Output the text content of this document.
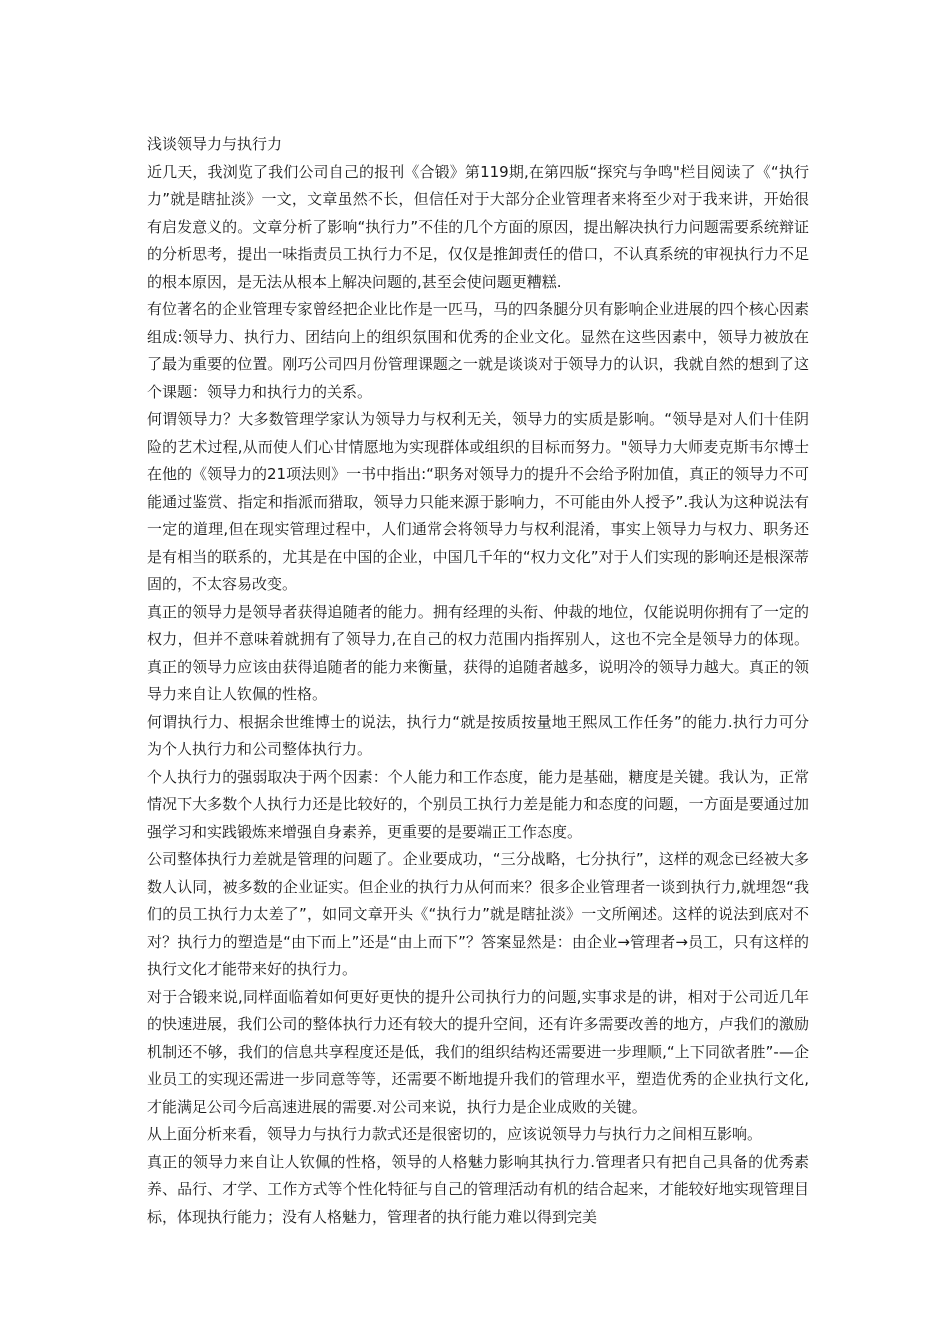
浅谈领导力与执行力

近几天，我浏览了我们公司自己的报刊《合锻》第119期,在第四版“探究与争鸣"栏目阅读了《“执行力”就是瞎扯淡》一文，文章虽然不长，但信任对于大部分企业管理者来将至少对于我来讲，开始很有启发意义的。文章分析了影响“执行力”不佳的几个方面的原因，提出解决执行力问题需要系统辩证的分析思考，提出一味指责员工执行力不足，仅仅是推卸责任的借口，不认真系统的审视执行力不足的根本原因，是无法从根本上解决问题的,甚至会使问题更糟糕.

有位著名的企业管理专家曾经把企业比作是一匹马，马的四条腿分贝有影响企业进展的四个核心因素组成:领导力、执行力、团结向上的组织氛围和优秀的企业文化。显然在这些因素中，领导力被放在了最为重要的位置。刚巧公司四月份管理课题之一就是谈谈对于领导力的认识，我就自然的想到了这个课题：领导力和执行力的关系。

何谓领导力？大多数管理学家认为领导力与权利无关，领导力的实质是影响。“领导是对人们十佳阴险的艺术过程,从而使人们心甘情愿地为实现群体或组织的目标而努力。"领导力大师麦克斯韦尔博士在他的《领导力的21项法则》一书中指出:“职务对领导力的提升不会给予附加值，真正的领导力不可能通过鉴赏、指定和指派而猎取，领导力只能来源于影响力，不可能由外人授予”.我认为这种说法有一定的道理,但在现实管理过程中，人们通常会将领导力与权利混淆，事实上领导力与权力、职务还是有相当的联系的，尤其是在中国的企业，中国几千年的“权力文化”对于人们实现的影响还是根深蒂固的，不太容易改变。

真正的领导力是领导者获得追随者的能力。拥有经理的头衔、仲裁的地位，仅能说明你拥有了一定的权力，但并不意味着就拥有了领导力,在自己的权力范围内指挥别人，这也不完全是领导力的体现。真正的领导力应该由获得追随者的能力来衡量，获得的追随者越多，说明冷的领导力越大。真正的领导力来自让人钦佩的性格。

何谓执行力、根据余世维博士的说法，执行力“就是按质按量地王熙凤工作任务”的能力.执行力可分为个人执行力和公司整体执行力。

个人执行力的强弱取决于两个因素：个人能力和工作态度，能力是基础，糖度是关键。我认为，正常情况下大多数个人执行力还是比较好的，个别员工执行力差是能力和态度的问题，一方面是要通过加强学习和实践锻炼来增强自身素养，更重要的是要端正工作态度。

公司整体执行力差就是管理的问题了。企业要成功，“三分战略，七分执行”，这样的观念已经被大多数人认同，被多数的企业证实。但企业的执行力从何而来？很多企业管理者一谈到执行力,就埋怨“我们的员工执行力太差了”，如同文章开头《“执行力”就是瞎扯淡》一文所阐述。这样的说法到底对不对？执行力的塑造是“由下而上”还是“由上而下”？答案显然是：由企业→管理者→员工，只有这样的执行文化才能带来好的执行力。

对于合锻来说,同样面临着如何更好更快的提升公司执行力的问题,实事求是的讲，相对于公司近几年的快速进展，我们公司的整体执行力还有较大的提升空间，还有许多需要改善的地方，卢我们的激励机制还不够，我们的信息共享程度还是低，我们的组织结构还需要进一步理顺,“上下同欲者胜”-—企业员工的实现还需进一步同意等等，还需要不断地提升我们的管理水平，塑造优秀的企业执行文化,才能满足公司今后高速进展的需要.对公司来说，执行力是企业成败的关键。

从上面分析来看，领导力与执行力款式还是很密切的，应该说领导力与执行力之间相互影响。

真正的领导力来自让人钦佩的性格，领导的人格魅力影响其执行力.管理者只有把自己具备的优秀素养、品行、才学、工作方式等个性化特征与自己的管理活动有机的结合起来，才能较好地实现管理目标，体现执行能力；没有人格魅力，管理者的执行能力难以得到完美
